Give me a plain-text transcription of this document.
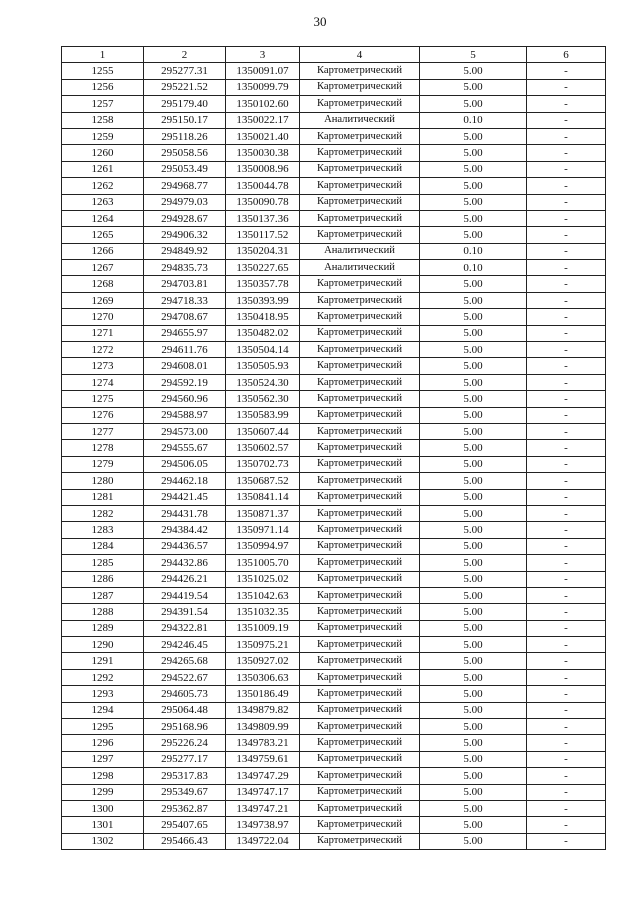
30
1	2	3	4	5	6
1255	295277.31	1350091.07	Картометрический	5.00	-
1256	295221.52	1350099.79	Картометрический	5.00	-
1257	295179.40	1350102.60	Картометрический	5.00	-
1258	295150.17	1350022.17	Аналитический	0.10	-
1259	295118.26	1350021.40	Картометрический	5.00	-
1260	295058.56	1350030.38	Картометрический	5.00	-
1261	295053.49	1350008.96	Картометрический	5.00	-
1262	294968.77	1350044.78	Картометрический	5.00	-
1263	294979.03	1350090.78	Картометрический	5.00	-
1264	294928.67	1350137.36	Картометрический	5.00	-
1265	294906.32	1350117.52	Картометрический	5.00	-
1266	294849.92	1350204.31	Аналитический	0.10	-
1267	294835.73	1350227.65	Аналитический	0.10	-
1268	294703.81	1350357.78	Картометрический	5.00	-
1269	294718.33	1350393.99	Картометрический	5.00	-
1270	294708.67	1350418.95	Картометрический	5.00	-
1271	294655.97	1350482.02	Картометрический	5.00	-
1272	294611.76	1350504.14	Картометрический	5.00	-
1273	294608.01	1350505.93	Картометрический	5.00	-
1274	294592.19	1350524.30	Картометрический	5.00	-
1275	294560.96	1350562.30	Картометрический	5.00	-
1276	294588.97	1350583.99	Картометрический	5.00	-
1277	294573.00	1350607.44	Картометрический	5.00	-
1278	294555.67	1350602.57	Картометрический	5.00	-
1279	294506.05	1350702.73	Картометрический	5.00	-
1280	294462.18	1350687.52	Картометрический	5.00	-
1281	294421.45	1350841.14	Картометрический	5.00	-
1282	294431.78	1350871.37	Картометрический	5.00	-
1283	294384.42	1350971.14	Картометрический	5.00	-
1284	294436.57	1350994.97	Картометрический	5.00	-
1285	294432.86	1351005.70	Картометрический	5.00	-
1286	294426.21	1351025.02	Картометрический	5.00	-
1287	294419.54	1351042.63	Картометрический	5.00	-
1288	294391.54	1351032.35	Картометрический	5.00	-
1289	294322.81	1351009.19	Картометрический	5.00	-
1290	294246.45	1350975.21	Картометрический	5.00	-
1291	294265.68	1350927.02	Картометрический	5.00	-
1292	294522.67	1350306.63	Картометрический	5.00	-
1293	294605.73	1350186.49	Картометрический	5.00	-
1294	295064.48	1349879.82	Картометрический	5.00	-
1295	295168.96	1349809.99	Картометрический	5.00	-
1296	295226.24	1349783.21	Картометрический	5.00	-
1297	295277.17	1349759.61	Картометрический	5.00	-
1298	295317.83	1349747.29	Картометрический	5.00	-
1299	295349.67	1349747.17	Картометрический	5.00	-
1300	295362.87	1349747.21	Картометрический	5.00	-
1301	295407.65	1349738.97	Картометрический	5.00	-
1302	295466.43	1349722.04	Картометрический	5.00	-
